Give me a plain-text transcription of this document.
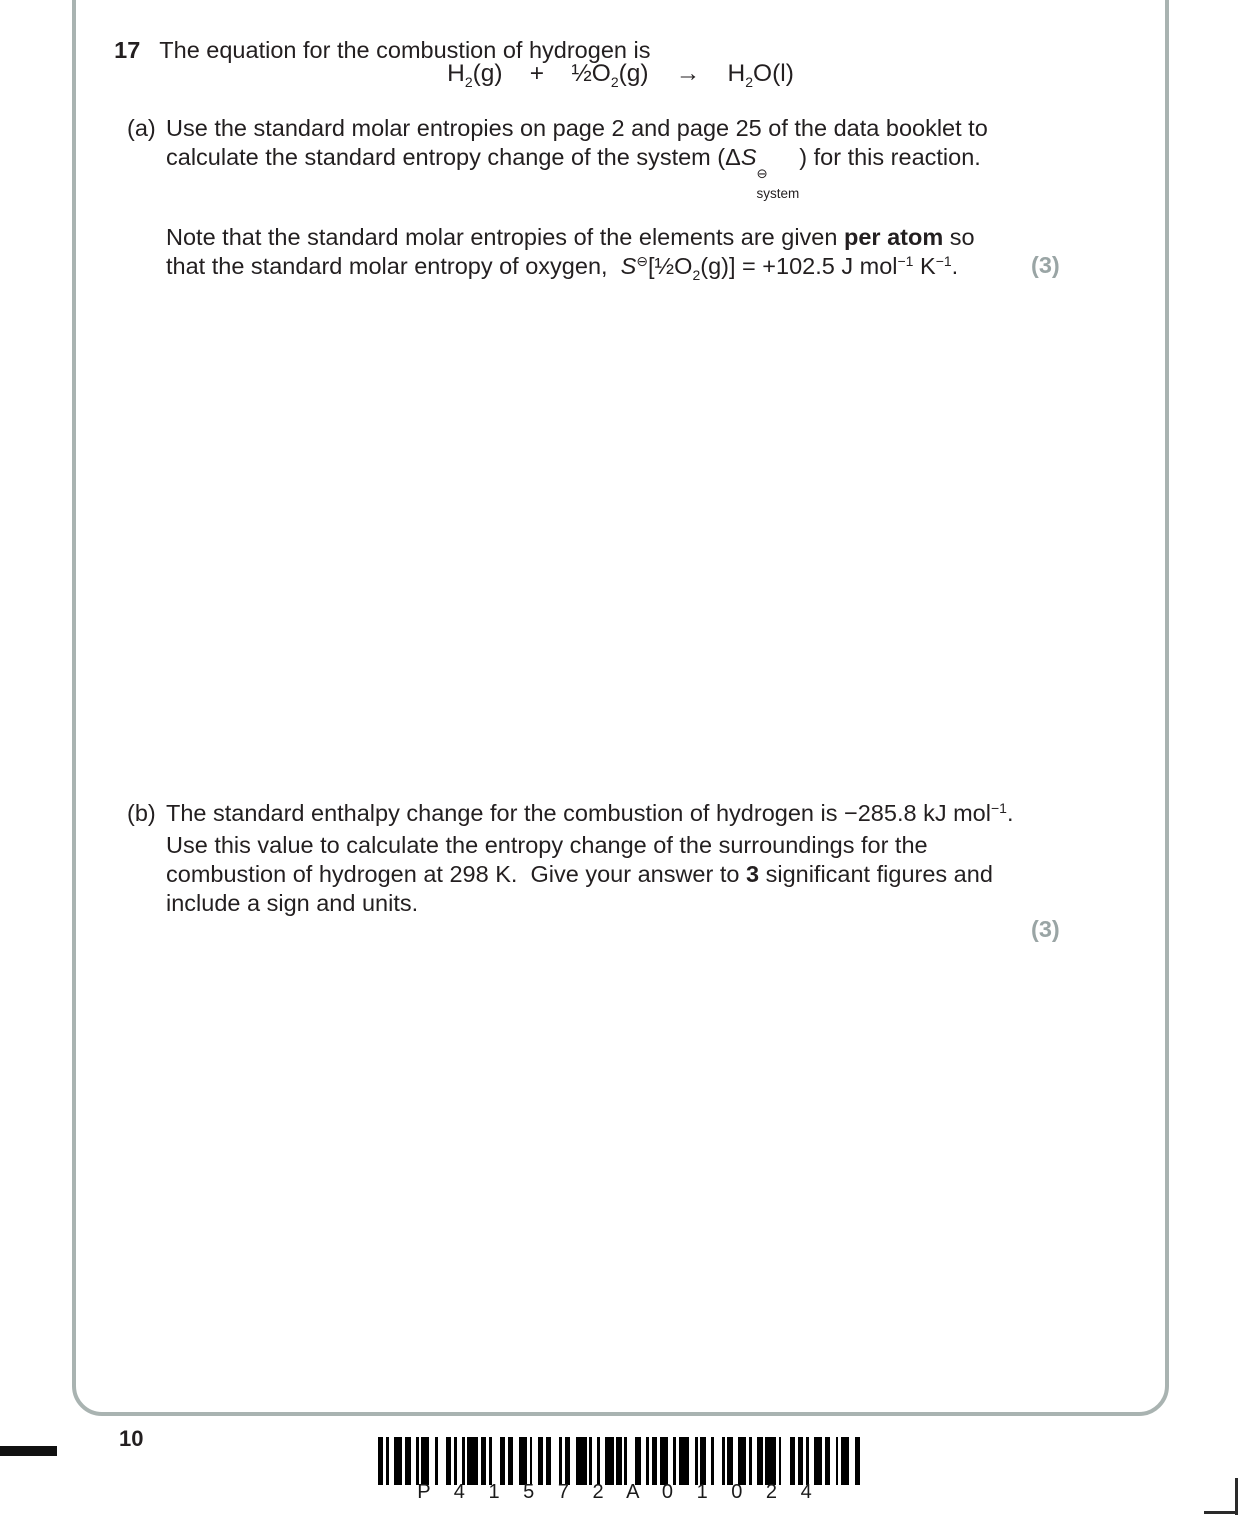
17 The equation for the combustion of hydrogen is

$H_2(g)$    +    $\frac{1}{2}O_2(g)$    →    $H_2O(l)$
(a) Use the standard molar entropies on page 2 and page 25 of the data booklet to
calculate the standard entropy change of the system (ΔS
⊖
system
) for this reaction.
Note that the standard molar entropies of the elements are given per atom so
that the standard molar entropy of oxygen,  $S^⊖[\frac{1}{2}O_2(g)] = +102.5$ J mol$^{-1}$ $K^{-1}$.	(3)
(b) The standard enthalpy change for the combustion of hydrogen is −285.8 kJ mol$^{-1}$.
Use this value to calculate the entropy change of the surroundings for the
combustion of hydrogen at 298 K.  Give your answer to 3 significant figures and
include a sign and units.
(3)
10
P 4 1 5 7 2 A 0 1 0 2 4
